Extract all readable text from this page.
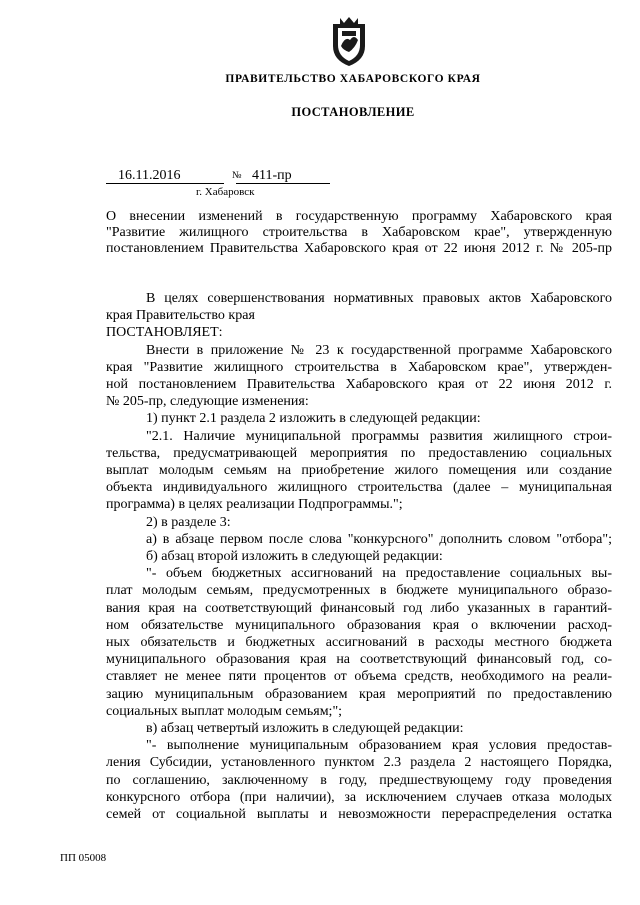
ПРАВИТЕЛЬСТВО ХАБАРОВСКОГО КРАЯ
ПОСТАНОВЛЕНИЕ
16.11.2016	№ 411-пр
г. Хабаровск
О внесении изменений в государственную программу Хабаровского края
"Развитие жилищного строительства в Хабаровском крае", утвержденную
постановлением Правительства Хабаровского края от 22 июня 2012 г. № 205-пр
В целях совершенствования нормативных правовых актов Хабаровского
края Правительство края
ПОСТАНОВЛЯЕТ:
Внести в приложение № 23 к государственной программе Хабаровского
края "Развитие жилищного строительства в Хабаровском крае", утвержден-
ной постановлением Правительства Хабаровского края от 22 июня 2012 г.
№ 205-пр, следующие изменения:
1) пункт 2.1 раздела 2 изложить в следующей редакции:
"2.1. Наличие муниципальной программы развития жилищного строи-
тельства, предусматривающей мероприятия по предоставлению социальных
выплат молодым семьям на приобретение жилого помещения или создание
объекта индивидуального жилищного строительства (далее – муниципальная
программа) в целях реализации Подпрограммы.";
2) в разделе 3:
а) в абзаце первом после слова "конкурсного" дополнить словом "отбора";
б) абзац второй изложить в следующей редакции:
"- объем бюджетных ассигнований на предоставление социальных вы-
плат молодым семьям, предусмотренных в бюджете муниципального образо-
вания края на соответствующий финансовый год либо указанных в гарантий-
ном обязательстве муниципального образования края о включении расход-
ных обязательств и бюджетных ассигнований в расходы местного бюджета
муниципального образования края на соответствующий финансовый год, со-
ставляет не менее пяти процентов от объема средств, необходимого на реали-
зацию муниципальным образованием края мероприятий по предоставлению
социальных выплат молодым семьям;";
в) абзац четвертый изложить в следующей редакции:
"- выполнение муниципальным образованием края условия предостав-
ления Субсидии, установленного пунктом 2.3 раздела 2 настоящего Порядка,
по соглашению, заключенному в году, предшествующему году проведения
конкурсного отбора (при наличии), за исключением случаев отказа молодых
семей от социальной выплаты и невозможности перераспределения остатка
ПП 05008
